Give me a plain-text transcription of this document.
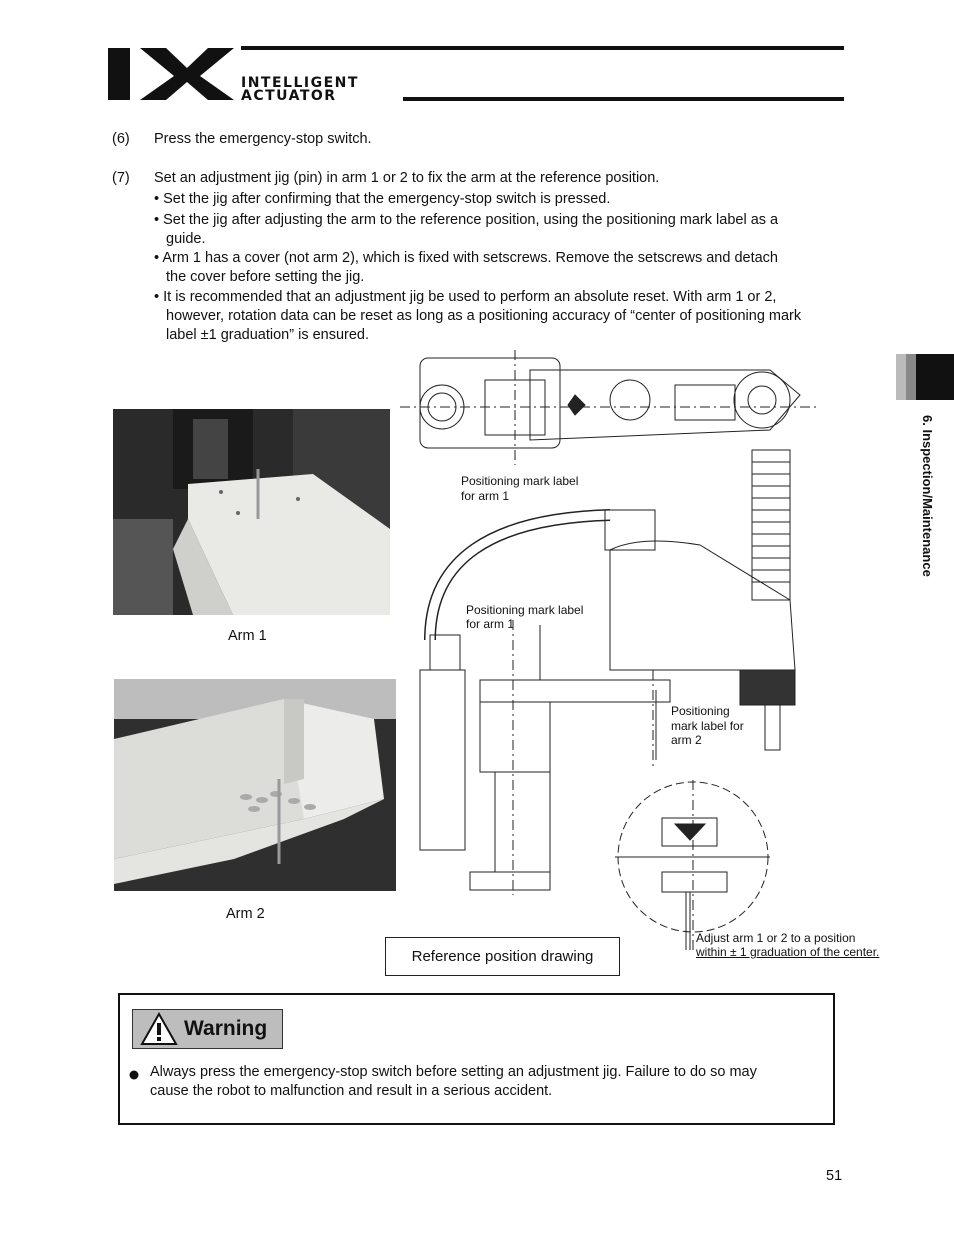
INTELLIGENT
ACTUATOR
6. Inspection/Maintenance
(6) Press the emergency-stop switch.
(7) Set an adjustment jig (pin) in arm 1 or 2 to fix the arm at the reference position.
• Set the jig after confirming that the emergency-stop switch is pressed.
• Set the jig after adjusting the arm to the reference position, using the positioning mark label as a
guide.
• Arm 1 has a cover (not arm 2), which is fixed with setscrews. Remove the setscrews and detach
the cover before setting the jig.
• It is recommended that an adjustment jig be used to perform an absolute reset. With arm 1 or 2,
however, rotation data can be reset as long as a positioning accuracy of “center of positioning mark
label ±1 graduation” is ensured.
Arm 1
Arm 2
Positioning mark label
for arm 1
Positioning mark label
for arm 1
Positioning
mark label for
arm 2
Adjust arm 1 or 2 to a position
within ± 1 graduation of the center.
Reference position drawing
Warning
Always press the emergency-stop switch before setting an adjustment jig. Failure to do so may
cause the robot to malfunction and result in a serious accident.
51
